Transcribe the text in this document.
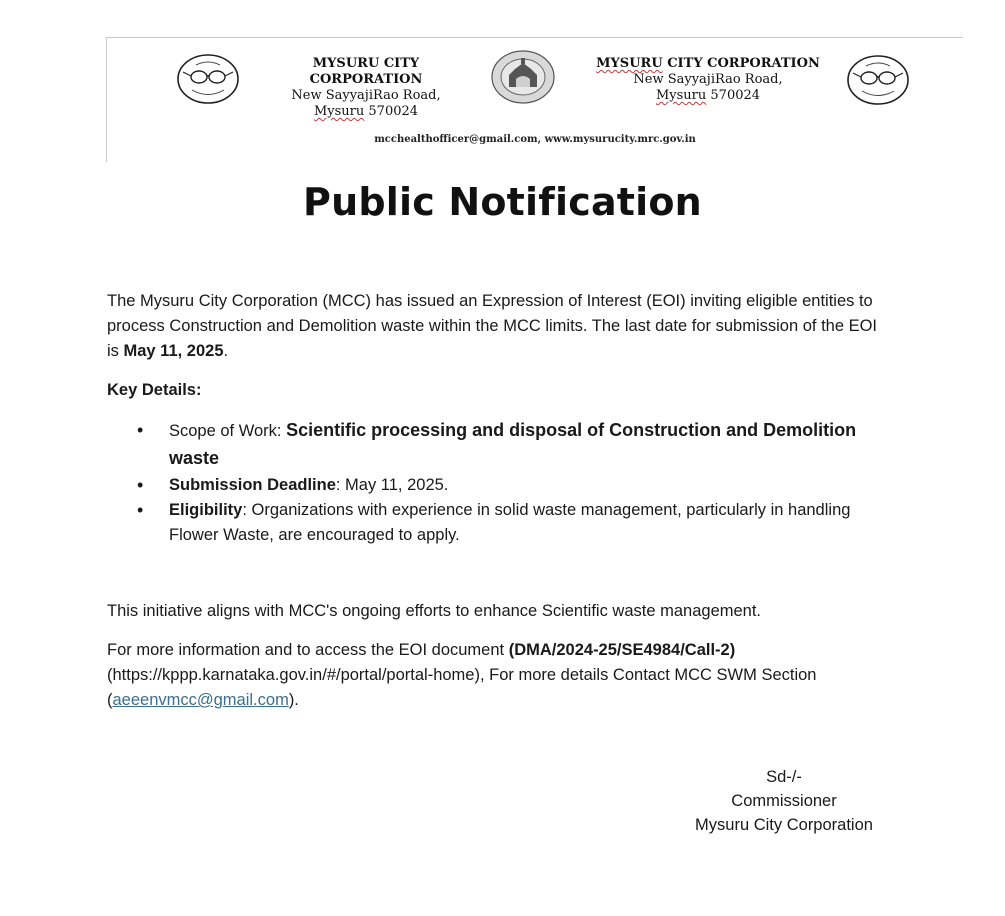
MYSURU CITY
CORPORATION
New SayyajiRao Road,
Mysuru 570024
MYSURU CITY CORPORATION
New SayyajiRao Road,
Mysuru 570024
mcchealthofficer@gmail.com, www.mysurucity.mrc.gov.in
Public Notification
The Mysuru City Corporation (MCC) has issued an Expression of Interest (EOI) inviting eligible entities to process Construction and Demolition waste within the MCC limits. The last date for submission of the EOI is May 11, 2025.
Key Details:
• Scope of Work: Scientific processing and disposal of Construction and Demolition waste
• Submission Deadline: May 11, 2025.
• Eligibility: Organizations with experience in solid waste management, particularly in handling Flower Waste, are encouraged to apply.
This initiative aligns with MCC's ongoing efforts to enhance Scientific waste management.
For more information and to access the EOI document (DMA/2024-25/SE4984/Call-2) (https://kppp.karnataka.gov.in/#/portal/portal-home), For more details Contact MCC SWM Section (aeeenvmcc@gmail.com).
Sd-/-
Commissioner
Mysuru City Corporation
